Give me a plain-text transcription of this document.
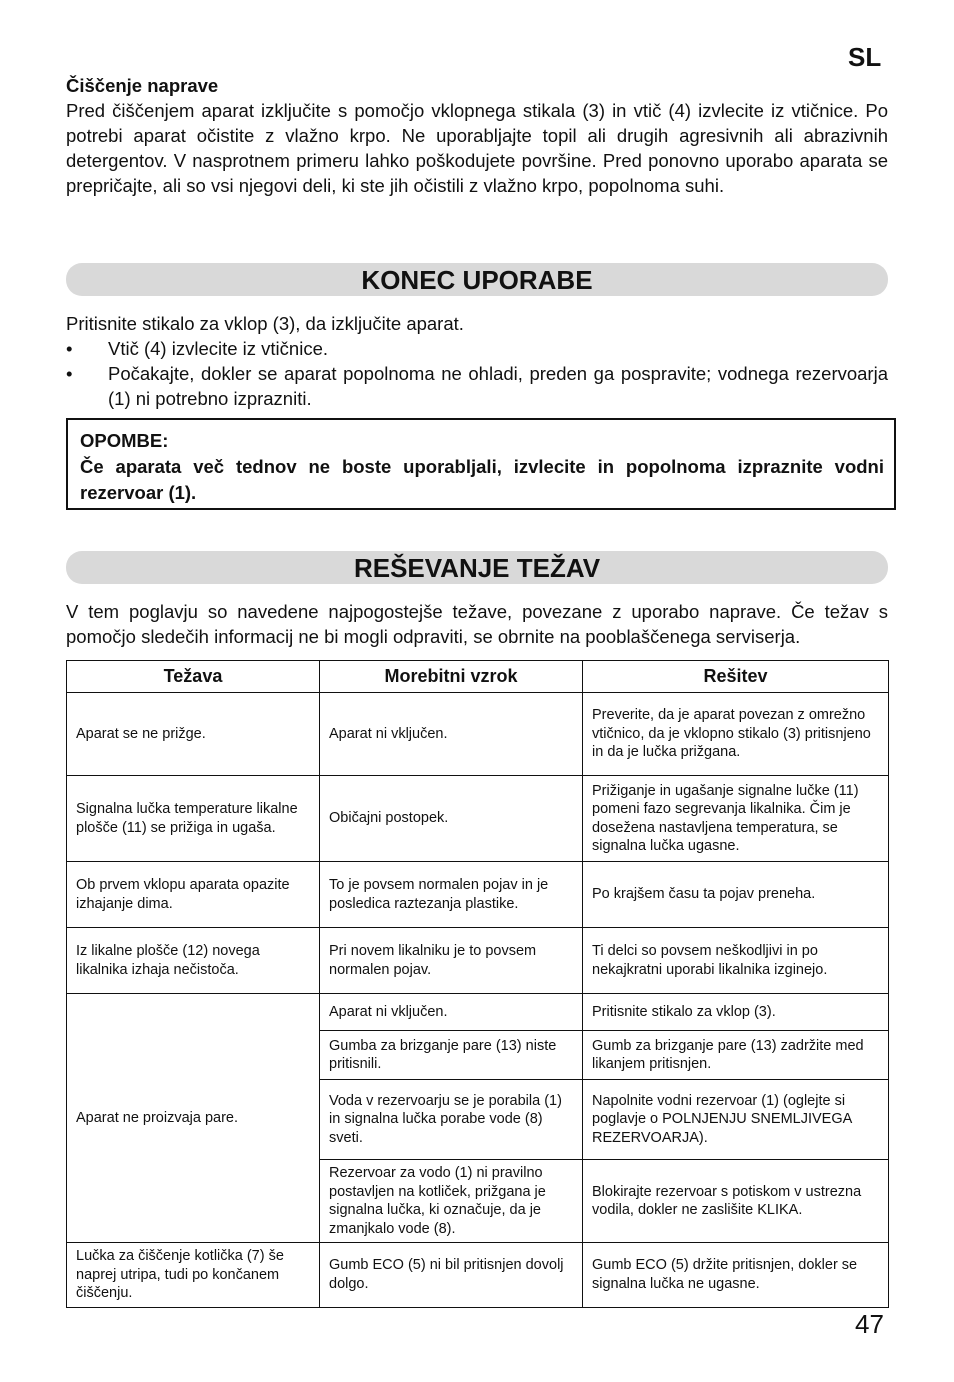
SL
Čiščenje naprave
Pred čiščenjem aparat izključite s pomočjo vklopnega stikala (3) in vtič (4) izvlecite iz vtičnice. Po potrebi aparat očistite z vlažno krpo. Ne uporabljajte topil ali drugih agresivnih ali abrazivnih detergentov. V nasprotnem primeru lahko poškodujete površine. Pred ponovno uporabo aparata se prepričajte, ali so vsi njegovi deli, ki ste jih očistili z vlažno krpo, popolnoma suhi.
KONEC UPORABE
Pritisnite stikalo za vklop (3), da izključite aparat.
• Vtič (4) izvlecite iz vtičnice.
• Počakajte, dokler se aparat popolnoma ne ohladi, preden ga pospravite; vodnega rezervoarja (1) ni potrebno izprazniti.
OPOMBE:
Če aparata več tednov ne boste uporabljali, izvlecite in popolnoma izpraznite vodni rezervoar (1).
REŠEVANJE TEŽAV
V tem poglavju so navedene najpogostejše težave, povezane z uporabo naprave. Če težav s pomočjo sledečih informacij ne bi mogli odpraviti, se obrnite na pooblaščenega serviserja.
Težava	Morebitni vzrok	Rešitev
Aparat se ne prižge.	Aparat ni vključen.	Preverite, da je aparat povezan z omrežno vtičnico, da je vklopno stikalo (3) pritisnjeno in da je lučka prižgana.
Signalna lučka temperature likalne plošče (11) se prižiga in ugaša.	Običajni postopek.	Prižiganje in ugašanje signalne lučke (11) pomeni fazo segrevanja likalnika. Čim je dosežena nastavljena temperatura, se signalna lučka ugasne.
Ob prvem vklopu aparata opazite izhajanje dima.	To je povsem normalen pojav in je posledica raztezanja plastike.	Po krajšem času ta pojav preneha.
Iz likalne plošče (12) novega likalnika izhaja nečistoča.	Pri novem likalniku je to povsem normalen pojav.	Ti delci so povsem neškodljivi in po nekajkratni uporabi likalnika izginejo.
Aparat ne proizvaja pare.	Aparat ni vključen.	Pritisnite stikalo za vklop (3).
	Gumba za brizganje pare (13) niste pritisnili.	Gumb za brizganje pare (13) zadržite med likanjem pritisnjen.
	Voda v rezervoarju se je porabila (1) in signalna lučka porabe vode (8) sveti.	Napolnite vodni rezervoar (1) (oglejte si poglavje o POLNJENJU SNEMLJIVEGA REZERVOARJA).
	Rezervoar za vodo (1) ni pravilno postavljen na kotliček, prižgana je signalna lučka, ki označuje, da je zmanjkalo vode (8).	Blokirajte rezervoar s potiskom v ustrezna vodila, dokler ne zaslišite KLIKA.
Lučka za čiščenje kotlička (7) še naprej utripa, tudi po končanem čiščenju.	Gumb ECO (5) ni bil pritisnjen dovolj dolgo.	Gumb ECO (5) držite pritisnjen, dokler se signalna lučka ne ugasne.
47
